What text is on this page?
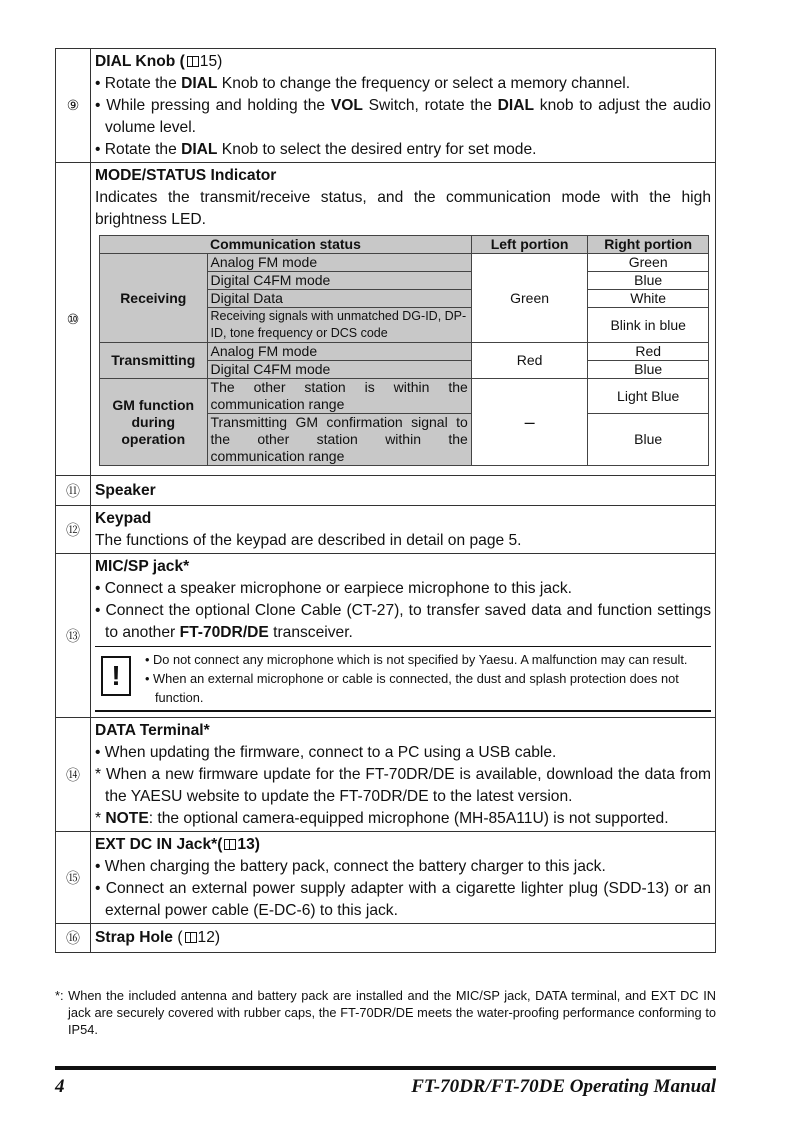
⑨	
DIAL Knob ( 15)
• Rotate the DIAL Knob to change the frequency or select a memory channel.
• While pressing and holding the VOL Switch, rotate the DIAL knob to adjust the audio volume level.
• Rotate the DIAL Knob to select the desired entry for set mode.

⑩	
MODE/STATUS Indicator
Indicates the transmit/receive status, and the communication mode with the high brightness LED.
Communication status	Left portion	Right portion
Receiving	Analog FM mode	Green	Green
Digital C4FM mode	Blue
Digital Data	White
Receiving signals with unmatched DG-ID, DP-ID, tone frequency or DCS code	Blink in blue
Transmitting	Analog FM mode	Red	Red
Digital C4FM mode	Blue
GM function during operation	The other station is within the communication range	–	Light Blue
Transmitting GM confirmation signal to the other station within the communication range	Blue

⑪	Speaker

⑫	
Keypad
The functions of the keypad are described in detail on page 5.

⑬	
MIC/SP jack*
• Connect a speaker microphone or earpiece microphone to this jack.
• Connect the optional Clone Cable (CT-27), to transfer saved data and function settings to another FT-70DR/DE transceiver.
!
• Do not connect any microphone which is not specified by Yaesu. A malfunction may can result.
• When an external microphone or cable is connected, the dust and splash protection does not function.

⑭	
DATA Terminal*
• When updating the firmware, connect to a PC using a USB cable.
* When a new firmware update for the FT-70DR/DE is available, download the data from the YAESU website to update the FT-70DR/DE to the latest version.
* NOTE: the optional camera-equipped microphone (MH-85A11U) is not supported.

⑮	
EXT DC IN Jack*( 13)
• When charging the battery pack, connect the battery charger to this jack.
• Connect an external power supply adapter with a cigarette lighter plug (SDD-13) or an external power cable (E-DC-6) to this jack.

⑯	Strap Hole ( 12)
*: When the included antenna and battery pack are installed and the MIC/SP jack, DATA terminal, and EXT DC IN jack are securely covered with rubber caps, the FT-70DR/DE meets the water-proofing performance conforming to IP54.
4	FT-70DR/FT-70DE Operating Manual
